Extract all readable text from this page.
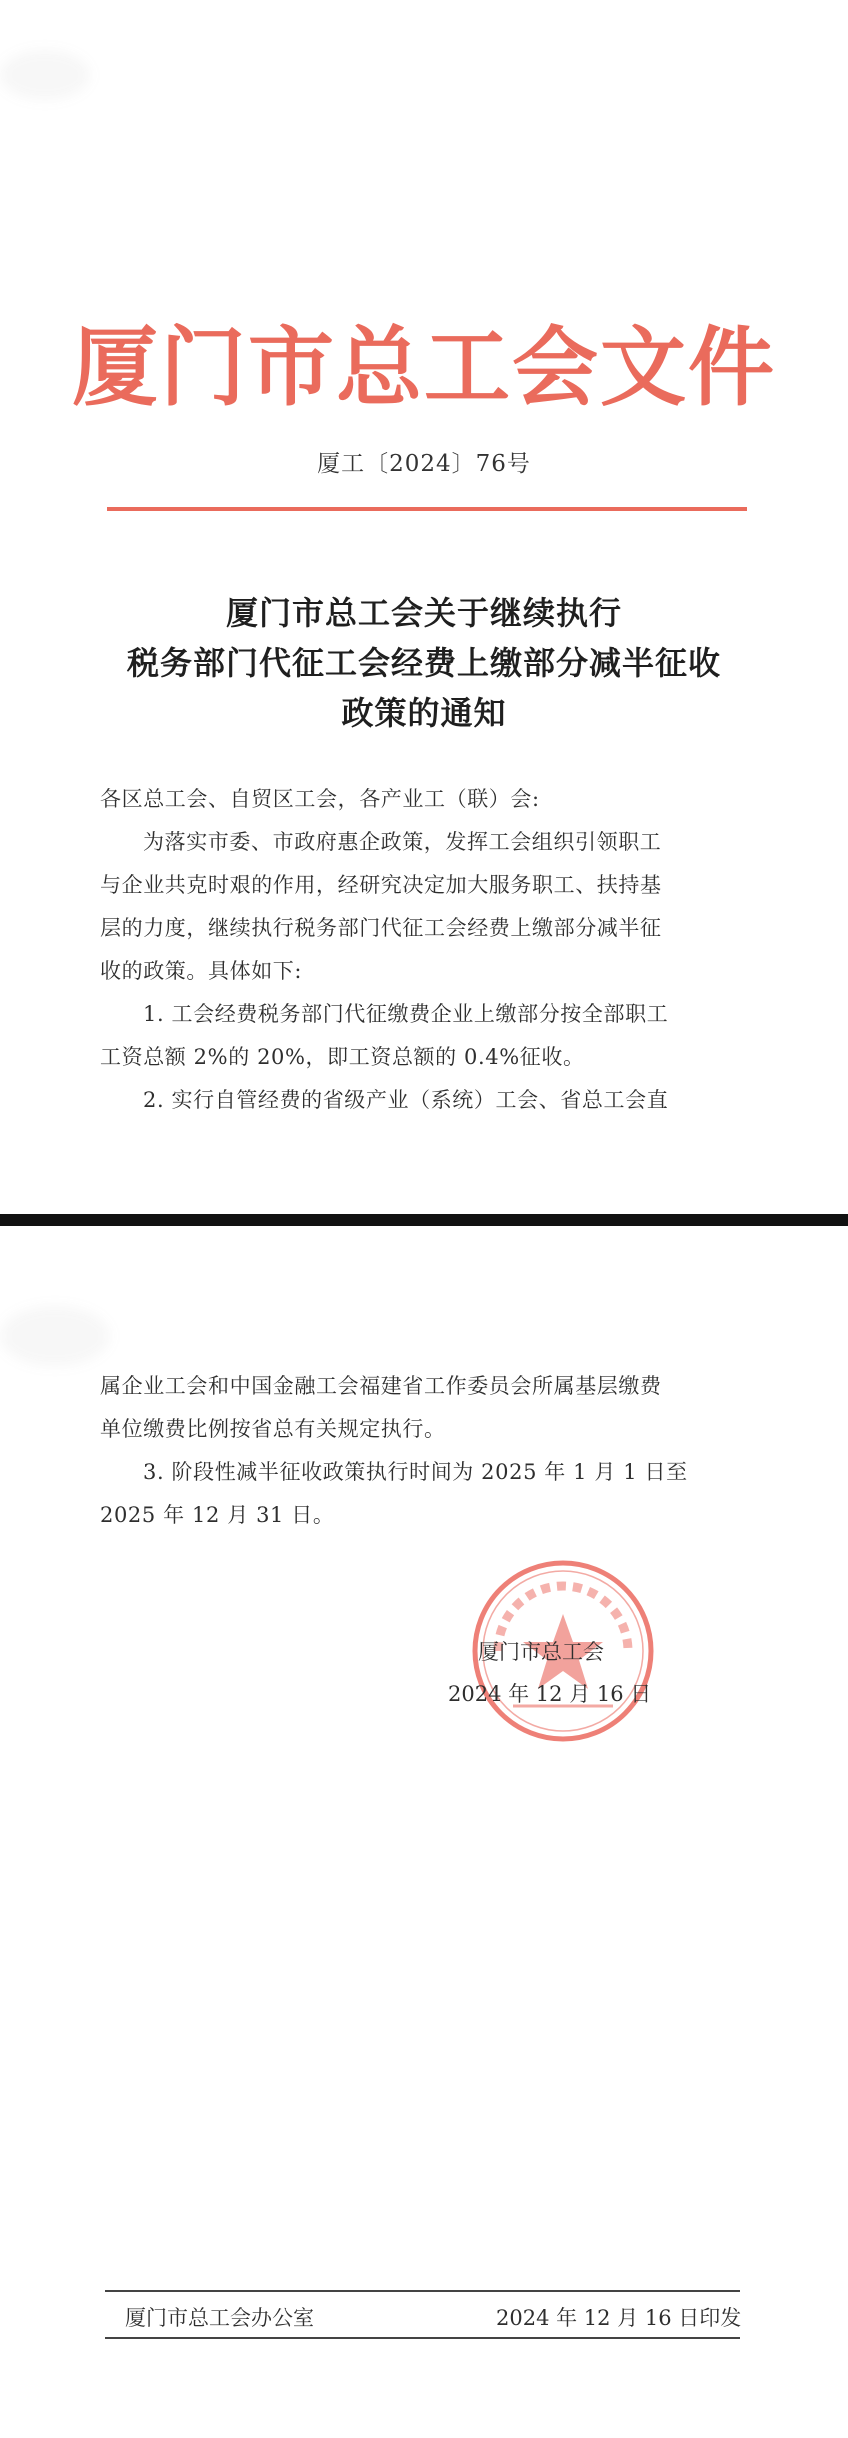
厦门市总工会文件
厦工〔2024〕76号
厦门市总工会关于继续执行
税务部门代征工会经费上缴部分减半征收
政策的通知
各区总工会、自贸区工会，各产业工（联）会:
为落实市委、市政府惠企政策，发挥工会组织引领职工
与企业共克时艰的作用，经研究决定加大服务职工、扶持基
层的力度，继续执行税务部门代征工会经费上缴部分减半征
收的政策。具体如下:
1. 工会经费税务部门代征缴费企业上缴部分按全部职工
工资总额 2%的 20%，即工资总额的 0.4%征收。
2. 实行自管经费的省级产业（系统）工会、省总工会直
属企业工会和中国金融工会福建省工作委员会所属基层缴费
单位缴费比例按省总有关规定执行。
3. 阶段性减半征收政策执行时间为 2025 年 1 月 1 日至
2025 年 12 月 31 日。
厦门市总工会
2024 年 12 月 16 日
厦门市总工会办公室	2024 年 12 月 16 日印发
